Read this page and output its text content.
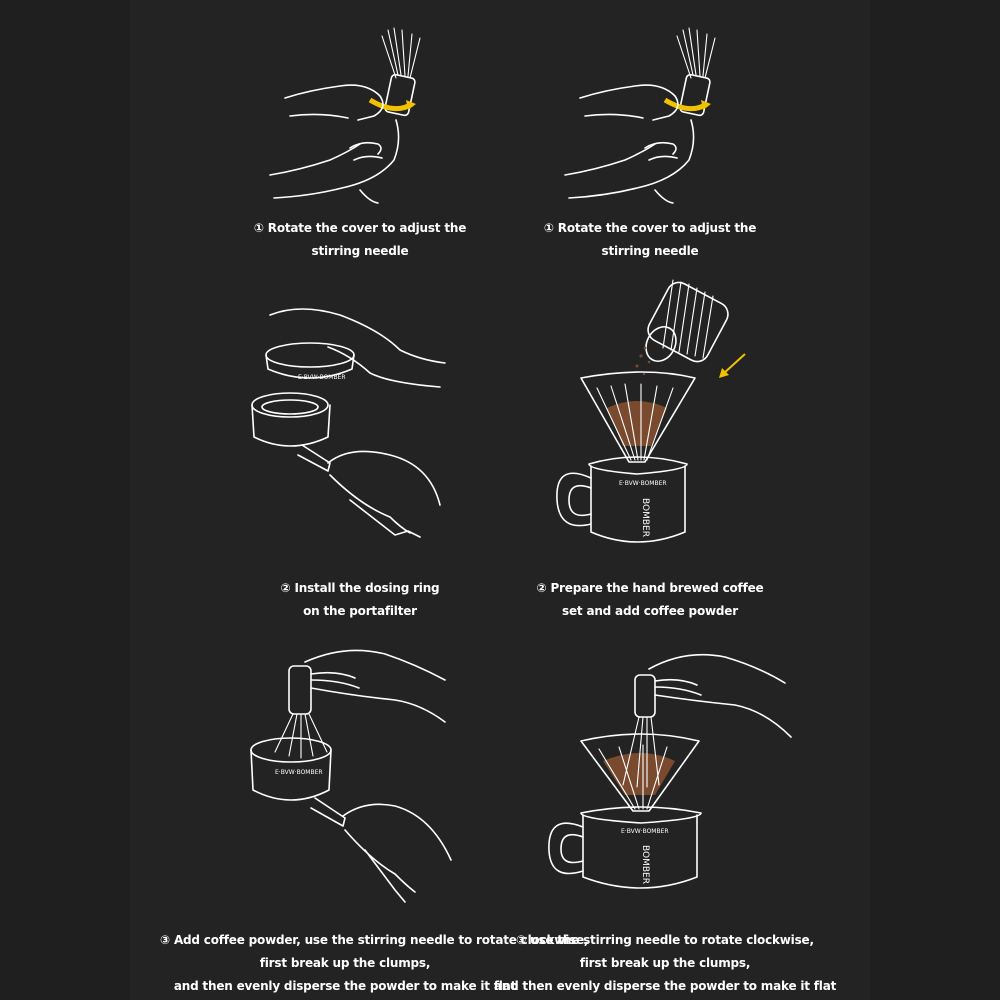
① Rotate the cover to adjust the
stirring needle
① Rotate the cover to adjust the
stirring needle
E·BVW·BOMBER
E·BVW·BOMBER
BOMBER
② Install the dosing ring
on the portafilter
② Prepare the hand brewed coffee
set and add coffee powder
E·BVW·BOMBER
E·BVW·BOMBER
BOMBER
③ Add coffee powder, use the stirring needle to rotate clockwise,
first break up the clumps,
and then evenly disperse the powder to make it flat
③ use the stirring needle to rotate clockwise,
first break up the clumps,
and then evenly disperse the powder to make it flat
